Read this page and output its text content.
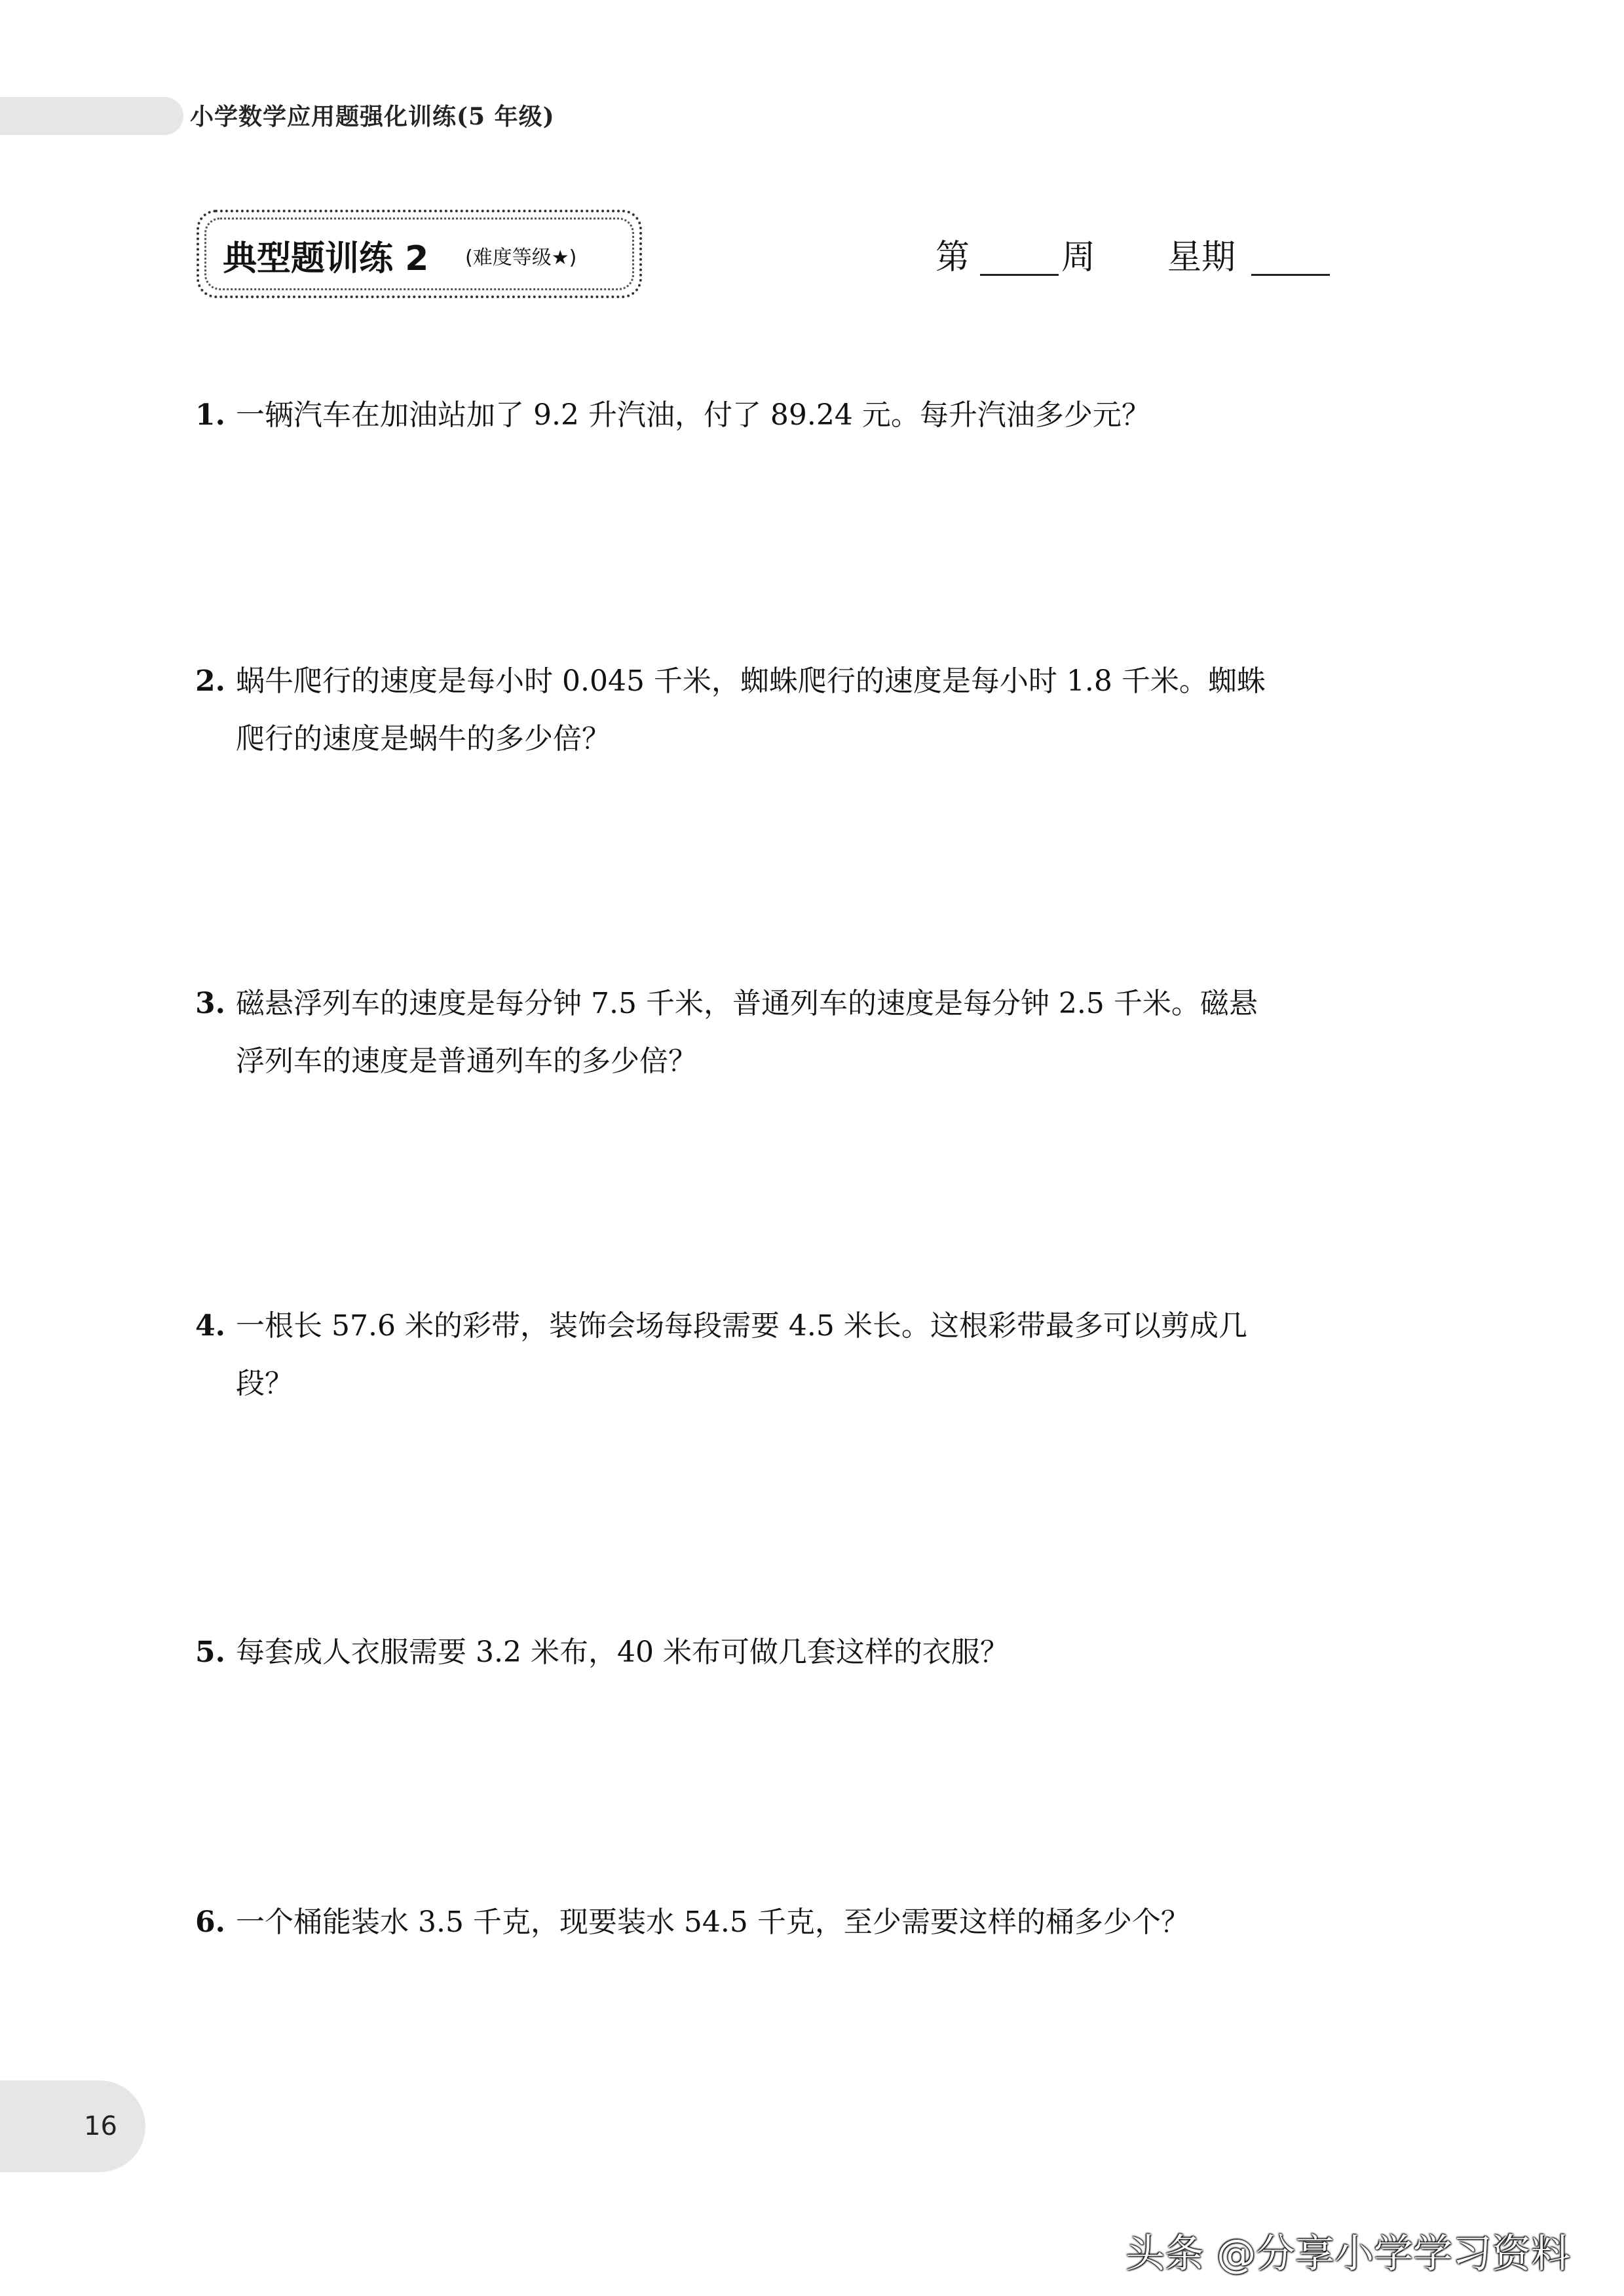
小学数学应用题强化训练(5 年级)
典型题训练 2 (难度等级★)	第	周 星期
1. 一辆汽车在加油站加了 9.2 升汽油，付了 89.24 元。每升汽油多少元？
2. 蜗牛爬行的速度是每小时 0.045 千米，蜘蛛爬行的速度是每小时 1.8 千米。蜘蛛
爬行的速度是蜗牛的多少倍？
3. 磁悬浮列车的速度是每分钟 7.5 千米，普通列车的速度是每分钟 2.5 千米。磁悬
浮列车的速度是普通列车的多少倍？
4. 一根长 57.6 米的彩带，装饰会场每段需要 4.5 米长。这根彩带最多可以剪成几
段？
5. 每套成人衣服需要 3.2 米布，40 米布可做几套这样的衣服？
6. 一个桶能装水 3.5 千克，现要装水 54.5 千克，至少需要这样的桶多少个？
16
头条 @分享小学学习资料
